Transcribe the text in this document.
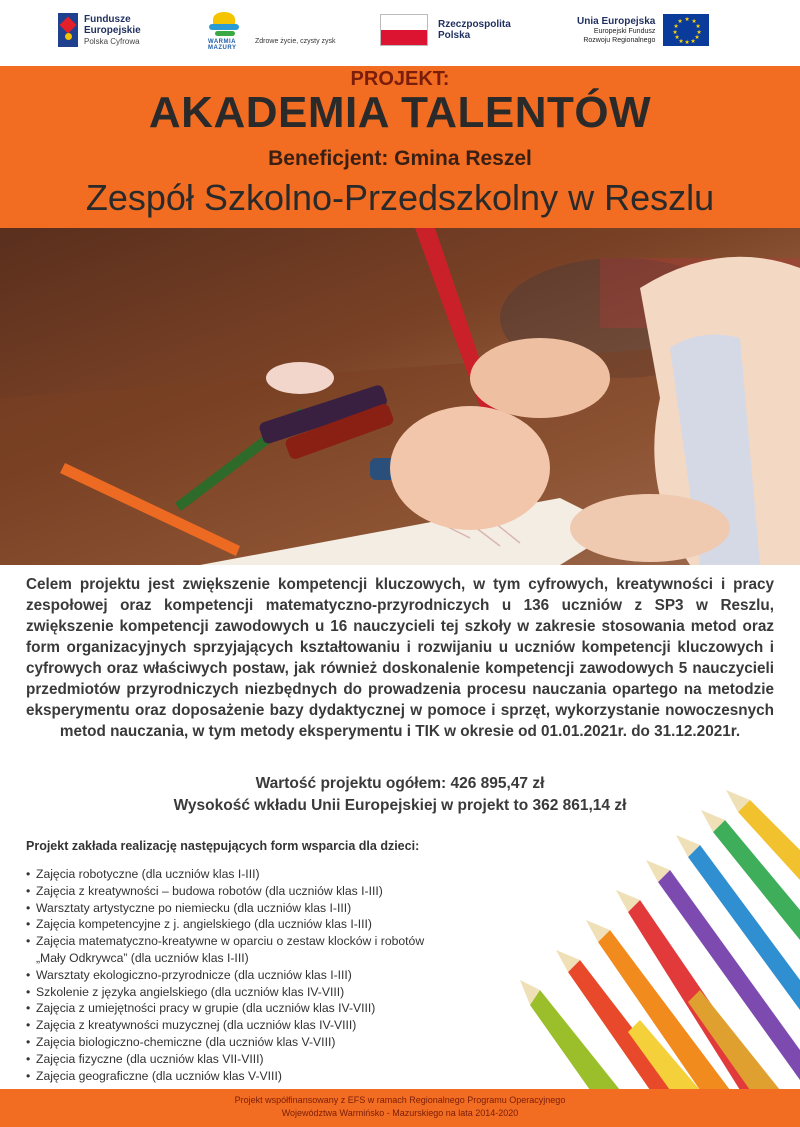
Fundusze
Europejskie
Polska Cyfrowa	WARMIA MAZURY
Zdrowe życie, czysty zysk
Rzeczpospolita
Polska
Unia Europejska
Europejski Fundusz
Rozwoju Regionalnego
★ ★
★
★
★
★
★
★
★
★
★
★
PROJEKT:
AKADEMIA TALENTÓW
Beneficjent: Gmina Reszel
Zespół Szkolno-Przedszkolny w Reszlu
Celem projektu jest zwiększenie kompetencji kluczowych, w tym cyfrowych, kreatywności i pracy zespołowej oraz kompetencji matematyczno-przyrodniczych u 136 uczniów z SP3 w Reszlu, zwiększenie kompetencji zawodowych u 16 nauczycieli tej szkoły w zakresie stosowania metod oraz form organizacyjnych sprzyjających kształtowaniu i rozwijaniu u uczniów kompetencji kluczowych i cyfrowych oraz właściwych postaw, jak również doskonalenie kompetencji zawodowych 5 nauczycieli przedmiotów przyrodniczych niezbędnych do prowadzenia procesu nauczania opartego na metodzie eksperymentu oraz doposażenie bazy dydaktycznej w pomoce i sprzęt, wykorzystanie nowoczesnych metod nauczania, w tym metody eksperymentu i TIK w okresie od 01.01.2021r. do 31.12.2021r.
Wartość projektu ogółem: 426 895,47 zł
Wysokość wkładu Unii Europejskiej w projekt to 362 861,14 zł
Projekt zakłada realizację następujących form wsparcia dla dzieci:
• Zajęcia robotyczne (dla uczniów klas I-III)
• Zajęcia z kreatywności – budowa robotów (dla uczniów klas I-III)
• Warsztaty artystyczne po niemiecku (dla uczniów klas I-III)
• Zajęcia kompetencyjne z j. angielskiego (dla uczniów klas I-III)
• Zajęcia matematyczno-kreatywne w oparciu o zestaw klocków i robotów
„Mały Odkrywca” (dla uczniów klas I-III)
• Warsztaty ekologiczno-przyrodnicze (dla uczniów klas I-III)
• Szkolenie z języka angielskiego (dla uczniów klas IV-VIII)
• Zajęcia z umiejętności pracy w grupie (dla uczniów klas IV-VIII)
• Zajęcia z kreatywności muzycznej (dla uczniów klas IV-VIII)
• Zajęcia biologiczno-chemiczne (dla uczniów klas V-VIII)
• Zajęcia fizyczne (dla uczniów klas VII-VIII)
• Zajęcia geograficzne (dla uczniów klas V-VIII)
Projekt współfinansowany z EFS w ramach Regionalnego Programu Operacyjnego
Województwa Warmińsko - Mazurskiego na lata 2014-2020
